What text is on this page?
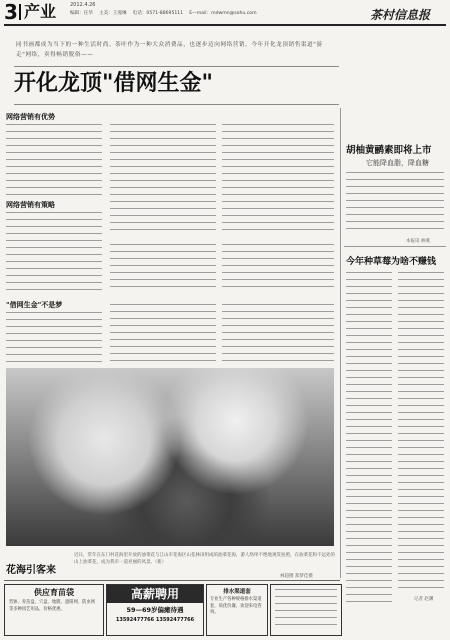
3 产业	2012.4.26
编辑：任华 　主美：王漫琳 　电话：0571-88695111 　E—mail：mdwmn@sohu.com	茶村信息报
同书画都成为当下的一种生活时尚。茶叶作为一种大众消费品，也逐步迈向网络营销。今年开化龙顶销售渠道"游走"网络，卖得畅销脱俗——
开化龙顶"借网生金"
网络营销有优势
网络营销有策略
"借网生金"不是梦
花海引客来
近日，常年在东门村花海里开放的油菜花与江山市花海区山花林田组成的油菜花海，游人络绎不绝地观赏拍照，在油菜花和不远处的山上油菜花，成为我市一道亮丽的风景。（新）
林超摄 郑梦佳摄
胡柚黄鹂素即将上市
它能降血脂，降血糖
本报讯 林燕
今年种草莓为啥不赚钱
记者 赵渊
供应育苗袋
营钵、育苗盘、穴盘、地膜、遮阳网、防虫网等多种园艺用品，价格优惠。
高薪聘用
59—69岁偏瘫待遇
13592477766 13592477766
排水渠道套
专业生产各种规格排水渠道套，质优价廉，欢迎来电咨询。
